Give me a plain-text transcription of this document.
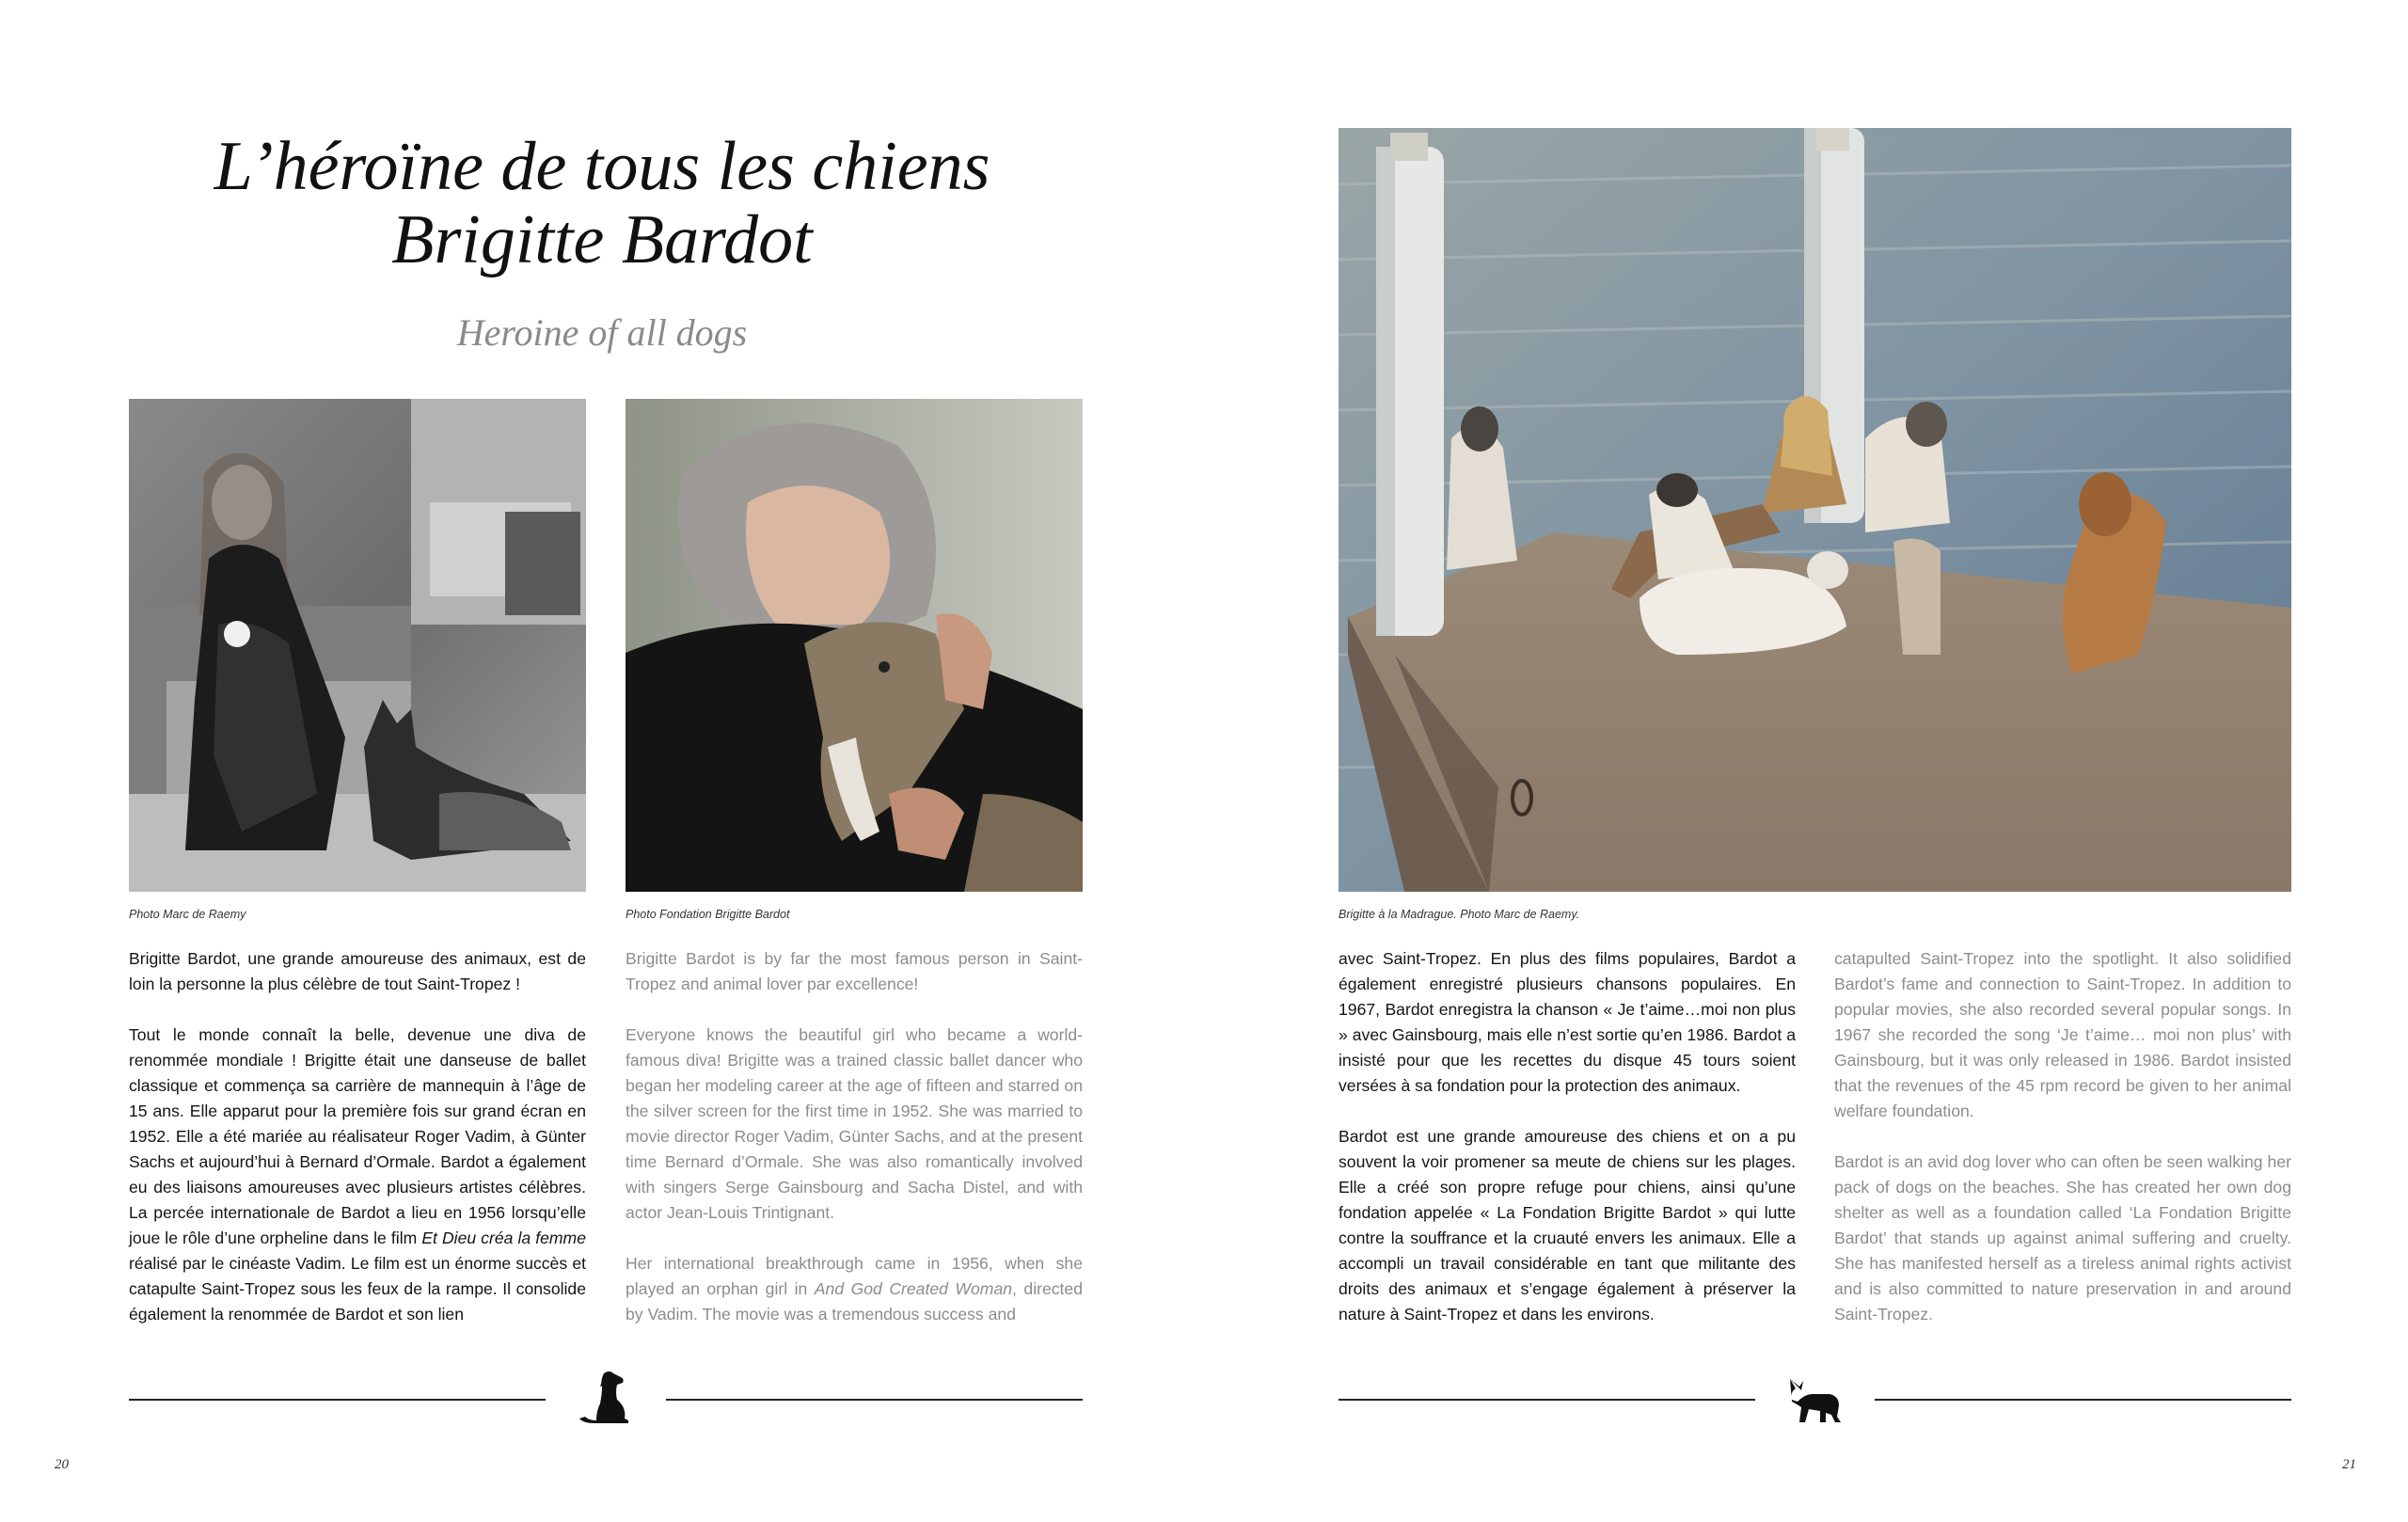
L’héroïne de tous les chiens
Brigitte Bardot
Heroine of all dogs
Photo Marc de Raemy	Photo Fondation Brigitte Bardot

Brigitte Bardot, une grande amoureuse des animaux, est de loin la personne la plus célèbre de tout Saint-Tropez !

Tout le monde connaît la belle, devenue une diva de renommée mondiale ! Brigitte était une danseuse de ballet classique et commença sa carrière de mannequin à l’âge de 15 ans. Elle apparut pour la première fois sur grand écran en 1952. Elle a été mariée au réalisateur Roger Vadim, à Günter Sachs et aujourd’hui à Bernard d’Ormale. Bardot a également eu des liaisons amoureuses avec plusieurs artistes célèbres. La percée internationale de Bardot a lieu en 1956 lorsqu’elle joue le rôle d’une orpheline dans le film Et Dieu créa la femme réalisé par le cinéaste Vadim. Le film est un énorme succès et catapulte Saint-Tropez sous les feux de la rampe. Il consolide également la renommée de Bardot et son lien

Brigitte Bardot is by far the most famous person in Saint-Tropez and animal lover par excellence!

Everyone knows the beautiful girl who became a world-famous diva! Brigitte was a trained classic ballet dancer who began her modeling career at the age of fifteen and starred on the silver screen for the first time in 1952. She was married to movie director Roger Vadim, Günter Sachs, and at the present time Bernard d’Ormale. She was also romantically involved with singers Serge Gainsbourg and Sacha Distel, and with actor Jean-Louis Trintignant.

Her international breakthrough came in 1956, when she played an orphan girl in And God Created Woman, directed by Vadim. The movie was a tremendous success and

20
Brigitte à la Madrague. Photo Marc de Raemy.

avec Saint-Tropez. En plus des films populaires, Bardot a également enregistré plusieurs chansons populaires. En 1967, Bardot enregistra la chanson « Je t’aime…moi non plus » avec Gainsbourg, mais elle n’est sortie qu’en 1986. Bardot a insisté pour que les recettes du disque 45 tours soient versées à sa fondation pour la protection des animaux.

Bardot est une grande amoureuse des chiens et on a pu souvent la voir promener sa meute de chiens sur les plages. Elle a créé son propre refuge pour chiens, ainsi qu’une fondation appelée « La Fondation Brigitte Bardot » qui lutte contre la souffrance et la cruauté envers les animaux. Elle a accompli un travail considérable en tant que militante des droits des animaux et s’engage également à préserver la nature à Saint-Tropez et dans les environs.

catapulted Saint-Tropez into the spotlight. It also solidified Bardot’s fame and connection to Saint-Tropez. In addition to popular movies, she also recorded several popular songs. In 1967 she recorded the song ‘Je t’aime… moi non plus’ with Gainsbourg, but it was only released in 1986. Bardot insisted that the revenues of the 45 rpm record be given to her animal welfare foundation.

Bardot is an avid dog lover who can often be seen walking her pack of dogs on the beaches. She has created her own dog shelter as well as a foundation called ‘La Fondation Brigitte Bardot’ that stands up against animal suffering and cruelty. She has manifested herself as a tireless animal rights activist and is also committed to nature preservation in and around Saint-Tropez.

21
